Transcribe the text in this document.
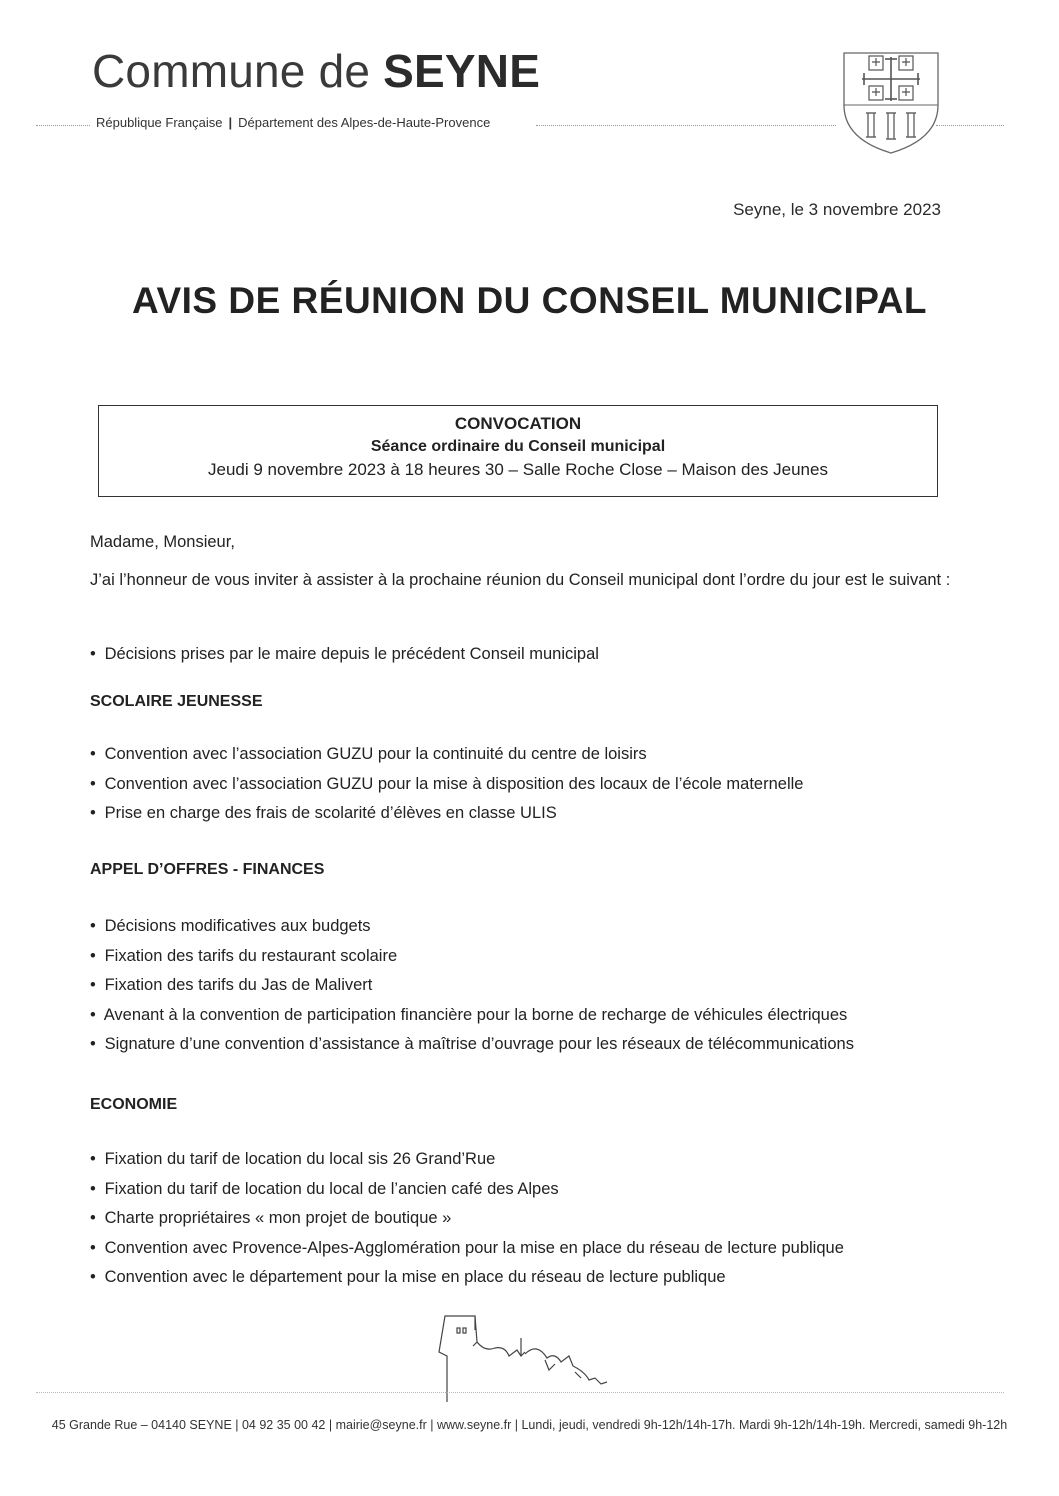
Commune de SEYNE
République Française | Département des Alpes-de-Haute-Provence
Seyne, le 3 novembre 2023
AVIS DE RÉUNION DU CONSEIL MUNICIPAL
CONVOCATION
Séance ordinaire du Conseil municipal
Jeudi 9 novembre 2023 à 18 heures 30 – Salle Roche Close – Maison des Jeunes
Madame, Monsieur,
J’ai l’honneur de vous inviter à assister à la prochaine réunion du Conseil municipal dont l’ordre du jour est le suivant :
• Décisions prises par le maire depuis le précédent Conseil municipal
SCOLAIRE JEUNESSE
• Convention avec l’association GUZU pour la continuité du centre de loisirs
• Convention avec l’association GUZU pour la mise à disposition des locaux de l’école maternelle
• Prise en charge des frais de scolarité d’élèves en classe ULIS
APPEL D’OFFRES - FINANCES
• Décisions modificatives aux budgets
• Fixation des tarifs du restaurant scolaire
• Fixation des tarifs du Jas de Malivert
• Avenant à la convention de participation financière pour la borne de recharge de véhicules électriques
• Signature d’une convention d’assistance à maîtrise d’ouvrage pour les réseaux de télécommunications
ECONOMIE
• Fixation du tarif de location du local sis 26 Grand’Rue
• Fixation du tarif de location du local de l’ancien café des Alpes
• Charte propriétaires « mon projet de boutique »
• Convention avec Provence-Alpes-Agglomération pour la mise en place du réseau de lecture publique
• Convention avec le département pour la mise en place du réseau de lecture publique
45 Grande Rue – 04140 SEYNE | 04 92 35 00 42 | mairie@seyne.fr | www.seyne.fr | Lundi, jeudi, vendredi 9h-12h/14h-17h. Mardi 9h-12h/14h-19h. Mercredi, samedi 9h-12h
